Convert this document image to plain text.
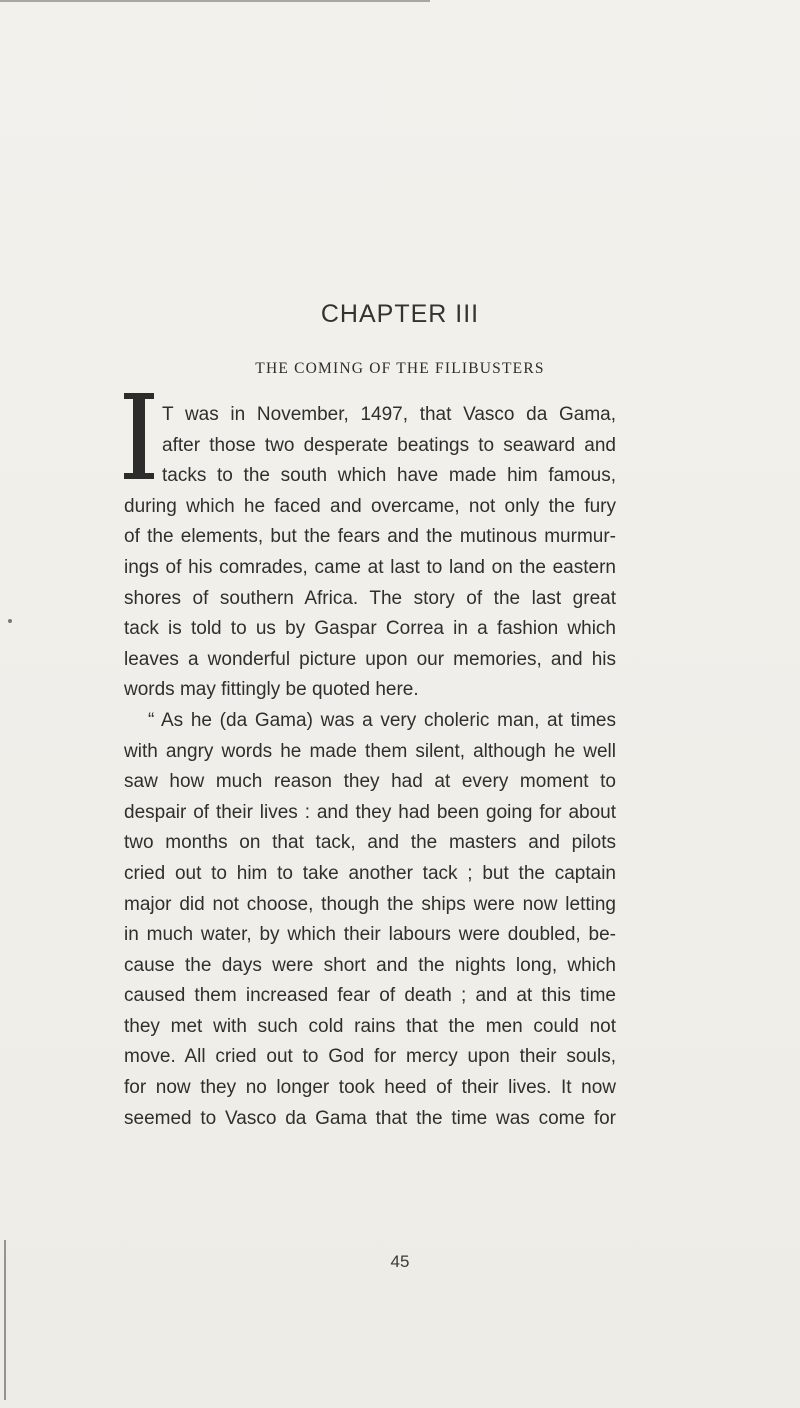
CHAPTER III
THE COMING OF THE FILIBUSTERS
I
T was in November, 1497, that Vasco da Gama,
after those two desperate beatings to seaward and
tacks to the south which have made him famous,
during which he faced and overcame, not only the fury
of the elements, but the fears and the mutinous murmur-
ings of his comrades, came at last to land on the eastern
shores of southern Africa. The story of the last great
tack is told to us by Gaspar Correa in a fashion which
leaves a wonderful picture upon our memories, and his
words may fittingly be quoted here.
“ As he (da Gama) was a very choleric man, at times
with angry words he made them silent, although he well
saw how much reason they had at every moment to
despair of their lives : and they had been going for about
two months on that tack, and the masters and pilots
cried out to him to take another tack ; but the captain
major did not choose, though the ships were now letting
in much water, by which their labours were doubled, be-
cause the days were short and the nights long, which
caused them increased fear of death ; and at this time
they met with such cold rains that the men could not
move. All cried out to God for mercy upon their souls,
for now they no longer took heed of their lives. It now
seemed to Vasco da Gama that the time was come for
45
